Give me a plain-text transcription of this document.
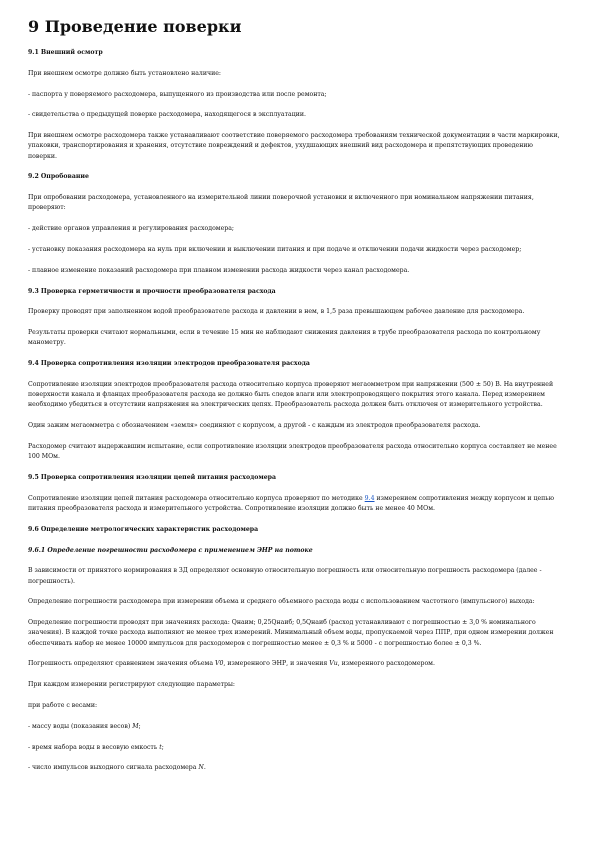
9 Проведение поверки
9.1 Внешний осмотр
При внешнем осмотре должно быть установлено наличие:
- паспорта у поверяемого расходомера, выпущенного из производства или после ремонта;
- свидетельства о предыдущей поверке расходомера, находящегося в эксплуатации.
При внешнем осмотре расходомера также устанавливают соответствие поверяемого расходомера требованиям технической документации в части маркировки, упаковки, транспортирования и хранения, отсутствие повреждений и дефектов, ухудшающих внешний вид расходомера и препятствующих проведению поверки.
9.2 Опробование
При опробовании расходомера, установленного на измерительной линии поверочной установки и включенного при номинальном напряжении питания, проверяют:
- действие органов управления и регулирования расходомера;
- установку показания расходомера на нуль при включении и выключении питания и при подаче и отключении подачи жидкости через расходомер;
- плавное изменение показаний расходомера при плавном изменении расхода жидкости через канал расходомера.
9.3 Проверка герметичности и прочности преобразователя расхода
Проверку проводят при заполненном водой преобразователе расхода и давлении в нем, в 1,5 раза превышающем рабочее давление для расходомера.
Результаты проверки считают нормальными, если в течение 15 мин не наблюдают снижения давления в трубе преобразователя расхода по контрольному манометру.
9.4 Проверка сопротивления изоляции электродов преобразователя расхода
Сопротивление изоляции электродов преобразователя расхода относительно корпуса проверяют мегаомметром при напряжении (500 ± 50) В. На внутренней поверхности канала и фланцах преобразователя расхода не должно быть следов влаги или электропроводящего покрытия этого канала. Перед измерением необходимо убедиться в отсутствии напряжения на электрических цепях. Преобразователь расхода должен быть отключен от измерительного устройства.
Один зажим мегаомметра с обозначением «земля» соединяют с корпусом, а другой - с каждым из электродов преобразователя расхода.
Расходомер считают выдержавшим испытание, если сопротивление изоляции электродов преобразователя расхода относительно корпуса составляет не менее 100 МОм.
9.5 Проверка сопротивления изоляции цепей питания расходомера
Сопротивление изоляции цепей питания расходомера относительно корпуса проверяют по методике 9.4 измерением сопротивления между корпусом и цепью питания преобразователя расхода и измерительного устройства. Сопротивление изоляции должно быть не менее 40 МОм.
9.6 Определение метрологических характеристик расходомера
9.6.1 Определение погрешности расходомера с применением ЭНР на потоке
В зависимости от принятого нормирования в ЗД определяют основную относительную погрешность или относительную погрешность расходомера (далее - погрешность).
Определение погрешности расходомера при измерении объема и среднего объемного расхода воды с использованием частотного (импульсного) выхода:
Определение погрешности проводят при значениях расхода: Qнаим; 0,25Qнаиб; 0,5Qнаиб (расход устанавливают с погрешностью ± 3,0 % номинального значения). В каждой точке расхода выполняют не менее трех измерений. Минимальный объем воды, пропускаемой через ППР, при одном измерении должен обеспечивать набор не менее 10000 импульсов для расходомеров с погрешностью менее ± 0,3 % и 5000 - с погрешностью более ± 0,3 %.
Погрешность определяют сравнением значения объема V0, измеренного ЭНР, и значения Vи, измеренного расходомером.
При каждом измерении регистрируют следующие параметры:
при работе с весами:
- массу воды (показания весов) М;
- время набора воды в весовую емкость t;
- число импульсов выходного сигнала расходомера N.
